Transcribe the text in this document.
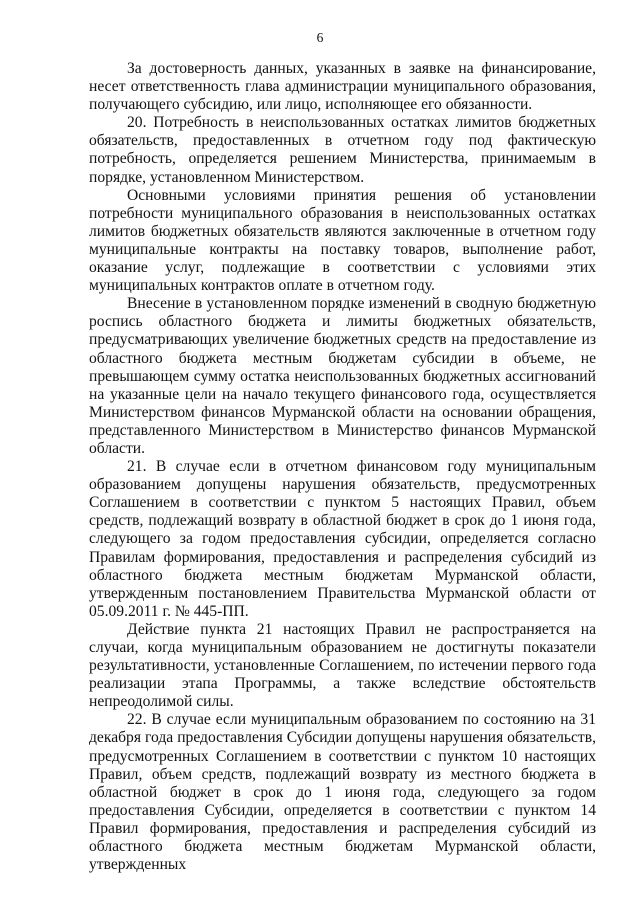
6

За достоверность данных, указанных в заявке на финансирование, несет ответственность глава администрации муниципального образования, получающего субсидию, или лицо, исполняющее его обязанности.

20. Потребность в неиспользованных остатках лимитов бюджетных обязательств, предоставленных в отчетном году под фактическую потребность, определяется решением Министерства, принимаемым в порядке, установленном Министерством.

Основными условиями принятия решения об установлении потребности муниципального образования в неиспользованных остатках лимитов бюджетных обязательств являются заключенные в отчетном году муниципальные контракты на поставку товаров, выполнение работ, оказание услуг, подлежащие в соответствии с условиями этих муниципальных контрактов оплате в отчетном году.

Внесение в установленном порядке изменений в сводную бюджетную роспись областного бюджета и лимиты бюджетных обязательств, предусматривающих увеличение бюджетных средств на предоставление из областного бюджета местным бюджетам субсидии в объеме, не превышающем сумму остатка неиспользованных бюджетных ассигнований на указанные цели на начало текущего финансового года, осуществляется Министерством финансов Мурманской области на основании обращения, представленного Министерством в Министерство финансов Мурманской области.

21. В случае если в отчетном финансовом году муниципальным образованием допущены нарушения обязательств, предусмотренных Соглашением в соответствии с пунктом 5 настоящих Правил, объем средств, подлежащий возврату в областной бюджет в срок до 1 июня года, следующего за годом предоставления субсидии, определяется согласно Правилам формирования, предоставления и распределения субсидий из областного бюджета местным бюджетам Мурманской области, утвержденным постановлением Правительства Мурманской области от 05.09.2011 г. № 445-ПП.

Действие пункта 21 настоящих Правил не распространяется на случаи, когда муниципальным образованием не достигнуты показатели результативности, установленные Соглашением, по истечении первого года реализации этапа Программы, а также вследствие обстоятельств непреодолимой силы.

22. В случае если муниципальным образованием по состоянию на 31 декабря года предоставления Субсидии допущены нарушения обязательств, предусмотренных Соглашением в соответствии с пунктом 10 настоящих Правил, объем средств, подлежащий возврату из местного бюджета в областной бюджет в срок до 1 июня года, следующего за годом предоставления Субсидии, определяется в соответствии с пунктом 14 Правил формирования, предоставления и распределения субсидий из областного бюджета местным бюджетам Мурманской области, утвержденных
